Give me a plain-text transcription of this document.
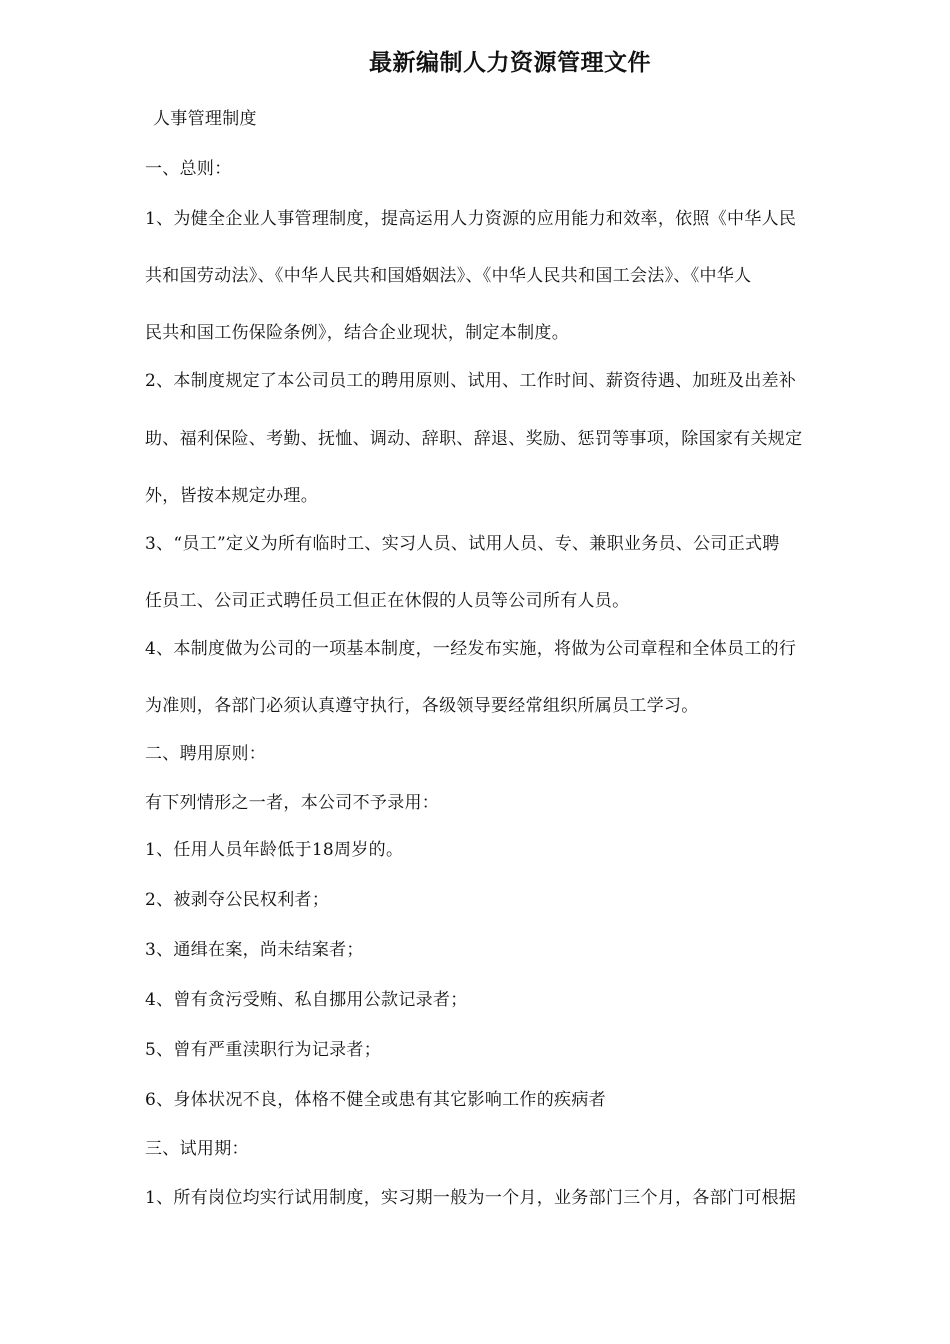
最新编制人力资源管理文件
人事管理制度
一、总则：
1、为健全企业人事管理制度，提高运用人力资源的应用能力和效率，依照《中华人民
共和国劳动法》、《中华人民共和国婚姻法》、《中华人民共和国工会法》、《中华人
民共和国工伤保险条例》，结合企业现状，制定本制度。
2、本制度规定了本公司员工的聘用原则、试用、工作时间、薪资待遇、加班及出差补
助、福利保险、考勤、抚恤、调动、辞职、辞退、奖励、惩罚等事项，除国家有关规定
外，皆按本规定办理。
3、“员工”定义为所有临时工、实习人员、试用人员、专、兼职业务员、公司正式聘
任员工、公司正式聘任员工但正在休假的人员等公司所有人员。
4、本制度做为公司的一项基本制度，一经发布实施，将做为公司章程和全体员工的行
为准则，各部门必须认真遵守执行，各级领导要经常组织所属员工学习。
二、聘用原则：
有下列情形之一者，本公司不予录用：
1、任用人员年龄低于18周岁的。
2、被剥夺公民权利者；
3、通缉在案，尚未结案者；
4、曾有贪污受贿、私自挪用公款记录者；
5、曾有严重渎职行为记录者；
6、身体状况不良，体格不健全或患有其它影响工作的疾病者
三、试用期：
1、所有岗位均实行试用制度，实习期一般为一个月，业务部门三个月，各部门可根据
